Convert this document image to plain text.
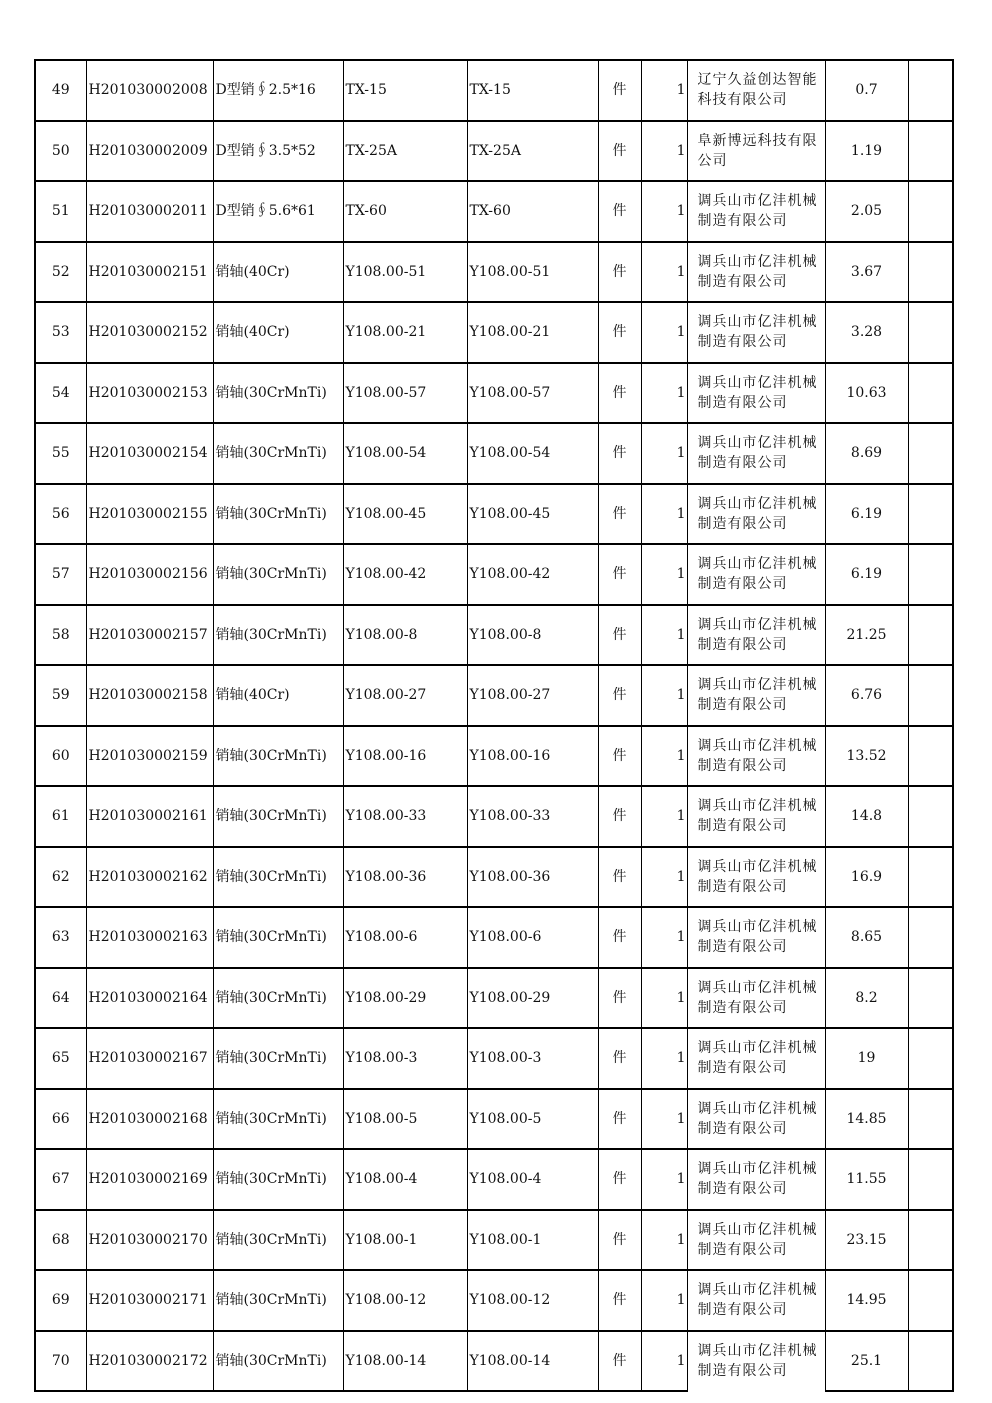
49	H201030002008	D型销∮2.5*16	TX-15	TX-15	件	1	辽宁久益创达智能科技有限公司	0.7	
50	H201030002009	D型销∮3.5*52	TX-25A	TX-25A	件	1	阜新博远科技有限公司	1.19	
51	H201030002011	D型销∮5.6*61	TX-60	TX-60	件	1	调兵山市亿沣机械制造有限公司	2.05	
52	H201030002151	销轴(40Cr)	Y108.00-51	Y108.00-51	件	1	调兵山市亿沣机械制造有限公司	3.67	
53	H201030002152	销轴(40Cr)	Y108.00-21	Y108.00-21	件	1	调兵山市亿沣机械制造有限公司	3.28	
54	H201030002153	销轴(30CrMnTi)	Y108.00-57	Y108.00-57	件	1	调兵山市亿沣机械制造有限公司	10.63	
55	H201030002154	销轴(30CrMnTi)	Y108.00-54	Y108.00-54	件	1	调兵山市亿沣机械制造有限公司	8.69	
56	H201030002155	销轴(30CrMnTi)	Y108.00-45	Y108.00-45	件	1	调兵山市亿沣机械制造有限公司	6.19	
57	H201030002156	销轴(30CrMnTi)	Y108.00-42	Y108.00-42	件	1	调兵山市亿沣机械制造有限公司	6.19	
58	H201030002157	销轴(30CrMnTi)	Y108.00-8	Y108.00-8	件	1	调兵山市亿沣机械制造有限公司	21.25	
59	H201030002158	销轴(40Cr)	Y108.00-27	Y108.00-27	件	1	调兵山市亿沣机械制造有限公司	6.76	
60	H201030002159	销轴(30CrMnTi)	Y108.00-16	Y108.00-16	件	1	调兵山市亿沣机械制造有限公司	13.52	
61	H201030002161	销轴(30CrMnTi)	Y108.00-33	Y108.00-33	件	1	调兵山市亿沣机械制造有限公司	14.8	
62	H201030002162	销轴(30CrMnTi)	Y108.00-36	Y108.00-36	件	1	调兵山市亿沣机械制造有限公司	16.9	
63	H201030002163	销轴(30CrMnTi)	Y108.00-6	Y108.00-6	件	1	调兵山市亿沣机械制造有限公司	8.65	
64	H201030002164	销轴(30CrMnTi)	Y108.00-29	Y108.00-29	件	1	调兵山市亿沣机械制造有限公司	8.2	
65	H201030002167	销轴(30CrMnTi)	Y108.00-3	Y108.00-3	件	1	调兵山市亿沣机械制造有限公司	19	
66	H201030002168	销轴(30CrMnTi)	Y108.00-5	Y108.00-5	件	1	调兵山市亿沣机械制造有限公司	14.85	
67	H201030002169	销轴(30CrMnTi)	Y108.00-4	Y108.00-4	件	1	调兵山市亿沣机械制造有限公司	11.55	
68	H201030002170	销轴(30CrMnTi)	Y108.00-1	Y108.00-1	件	1	调兵山市亿沣机械制造有限公司	23.15	
69	H201030002171	销轴(30CrMnTi)	Y108.00-12	Y108.00-12	件	1	调兵山市亿沣机械制造有限公司	14.95	
70	H201030002172	销轴(30CrMnTi)	Y108.00-14	Y108.00-14	件	1	调兵山市亿沣机械制造有限公司	25.1	
